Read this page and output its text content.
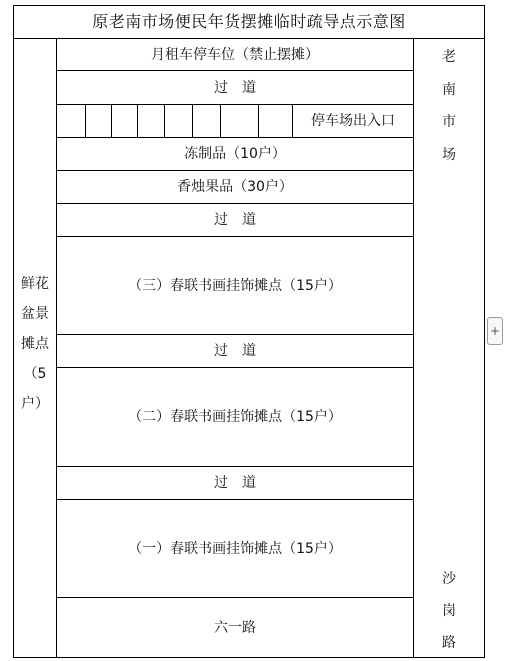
原老南市场便民年货摆摊临时疏导点示意图
月租车停车位（禁止摆摊）
过　道
停车场出入口
冻制品（10户）
香烛果品（30户）
过　道
（三）春联书画挂饰摊点（15户）
过　道
（二）春联书画挂饰摊点（15户）
过　道
（一）春联书画挂饰摊点（15户）
六一路
鲜花
盆景
摊点
（5
户）
老
南
市
场
沙
岗
路
+
